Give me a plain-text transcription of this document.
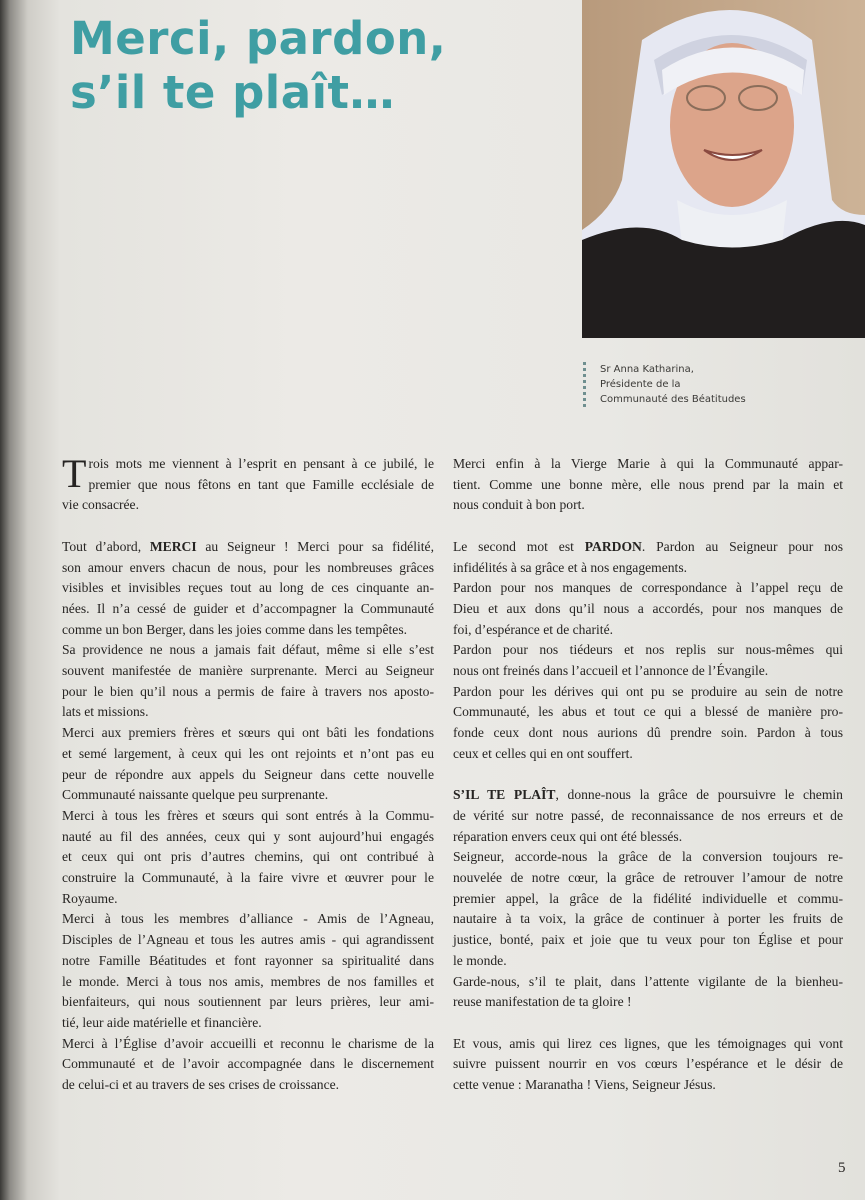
Merci, pardon,
s’il te plaît…
Sr Anna Katharina,
Présidente de la
Communauté des Béatitudes
T rois mots me viennent à l’esprit en pensant à ce jubilé, le
premier que nous fêtons en tant que Famille ecclésiale de
vie consacrée.
Tout d’abord, MERCI au Seigneur ! Merci pour sa fidélité,
son amour envers chacun de nous, pour les nombreuses grâces
visibles et invisibles reçues tout au long de ces cinquante an-
nées. Il n’a cessé de guider et d’accompagner la Communauté
comme un bon Berger, dans les joies comme dans les tempêtes.
Sa providence ne nous a jamais fait défaut, même si elle s’est
souvent manifestée de manière surprenante. Merci au Seigneur
pour le bien qu’il nous a permis de faire à travers nos aposto-
lats et missions.
Merci aux premiers frères et sœurs qui ont bâti les fondations
et semé largement, à ceux qui les ont rejoints et n’ont pas eu
peur de répondre aux appels du Seigneur dans cette nouvelle
Communauté naissante quelque peu surprenante.
Merci à tous les frères et sœurs qui sont entrés à la Commu-
nauté au fil des années, ceux qui y sont aujourd’hui engagés
et ceux qui ont pris d’autres chemins, qui ont contribué à
construire la Communauté, à la faire vivre et œuvrer pour le
Royaume.
Merci à tous les membres d’alliance - Amis de l’Agneau,
Disciples de l’Agneau et tous les autres amis - qui agrandissent
notre Famille Béatitudes et font rayonner sa spiritualité dans
le monde. Merci à tous nos amis, membres de nos familles et
bienfaiteurs, qui nous soutiennent par leurs prières, leur ami-
tié, leur aide matérielle et financière.
Merci à l’Église d’avoir accueilli et reconnu le charisme de la
Communauté et de l’avoir accompagnée dans le discernement
de celui-ci et au travers de ses crises de croissance.
Merci enfin à la Vierge Marie à qui la Communauté appar-
tient. Comme une bonne mère, elle nous prend par la main et
nous conduit à bon port.
Le second mot est PARDON. Pardon au Seigneur pour nos
infidélités à sa grâce et à nos engagements.
Pardon pour nos manques de correspondance à l’appel reçu de
Dieu et aux dons qu’il nous a accordés, pour nos manques de
foi, d’espérance et de charité.
Pardon pour nos tiédeurs et nos replis sur nous-mêmes qui
nous ont freinés dans l’accueil et l’annonce de l’Évangile.
Pardon pour les dérives qui ont pu se produire au sein de notre
Communauté, les abus et tout ce qui a blessé de manière pro-
fonde ceux dont nous aurions dû prendre soin. Pardon à tous
ceux et celles qui en ont souffert.
S’IL TE PLAÎT, donne-nous la grâce de poursuivre le chemin
de vérité sur notre passé, de reconnaissance de nos erreurs et de
réparation envers ceux qui ont été blessés.
Seigneur, accorde-nous la grâce de la conversion toujours re-
nouvelée de notre cœur, la grâce de retrouver l’amour de notre
premier appel, la grâce de la fidélité individuelle et commu-
nautaire à ta voix, la grâce de continuer à porter les fruits de
justice, bonté, paix et joie que tu veux pour ton Église et pour
le monde.
Garde-nous, s’il te plait, dans l’attente vigilante de la bienheu-
reuse manifestation de ta gloire !
Et vous, amis qui lirez ces lignes, que les témoignages qui vont
suivre puissent nourrir en vos cœurs l’espérance et le désir de
cette venue : Maranatha ! Viens, Seigneur Jésus.
5
